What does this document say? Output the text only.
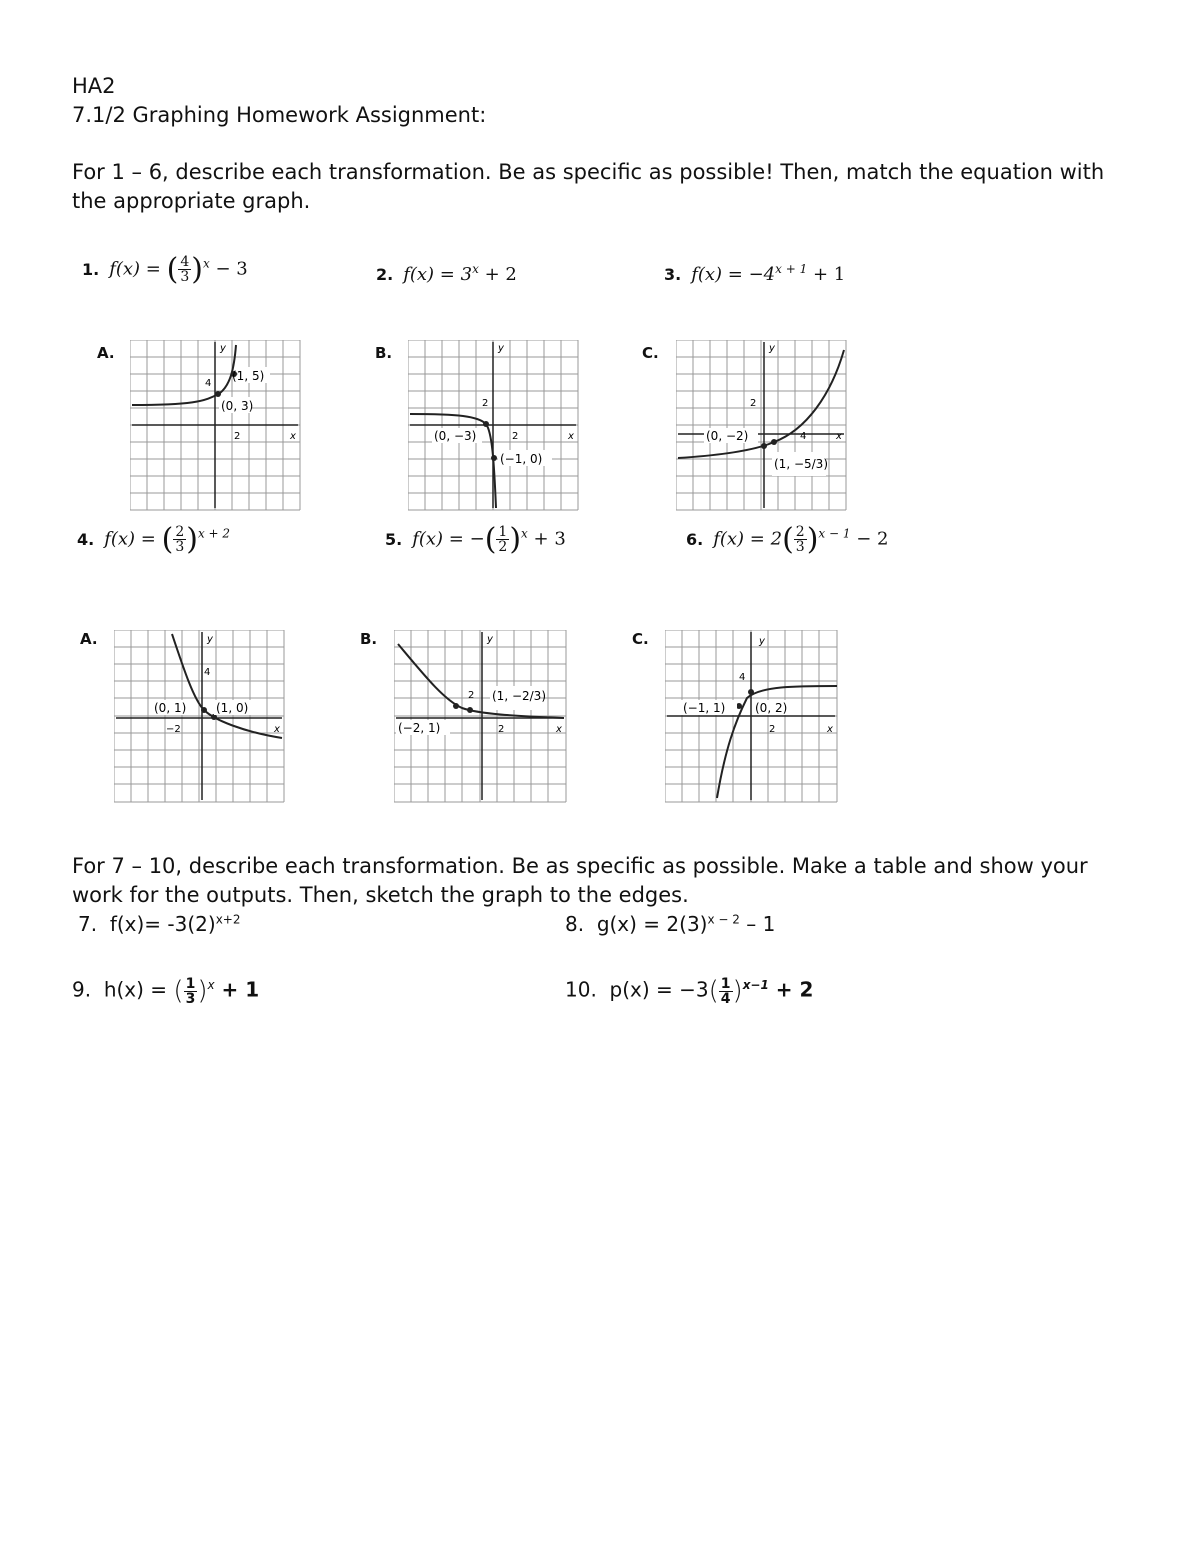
HA2
7.1/2 Graphing Homework Assignment:
For 1 – 6, describe each transformation. Be as specific as possible! Then, match the equation with the appropriate graph.
1. f(x) = ( $\frac{4}{3} )^x - 3$	2. $f(x) = 3^x + 2$	3. $f(x) = -4^{x + 1} + 1$
A.
(1, 5)
(0, 3)
4
2
y
x
B.
(0, −3)
(−1, 0)
2
2
y
x
C.
(0, −2)
(1, −5/3)
2
4
y
x
4. f(x) = ( $\frac{2}{3} )^{x + 2}$	5. f(x) = −( $\frac{1}{2} )^x + 3$	6. $f(x) = 2( \frac{2}{3} )^{x - 1} - 2$
A.
(0, 1) (1, 0)
4
−2
y
x
B.
(1, −2/3)
(−2, 1)
2
2
y
x
C.
(−1, 1) (0, 2)
4
2
y
x
For 7 – 10, describe each transformation. Be as specific as possible. Make a table and show your work for the outputs. Then, sketch the graph to the edges.
7. $f(x)= -3(2)^{x+2}$	8. $g(x) = 2(3)^{x - 2} - 1$
9. h(x) = ( $\frac{1}{3} )^x + 1$	10. $p(x) = -3( \frac{1}{4} )^{x-1} + 2$
